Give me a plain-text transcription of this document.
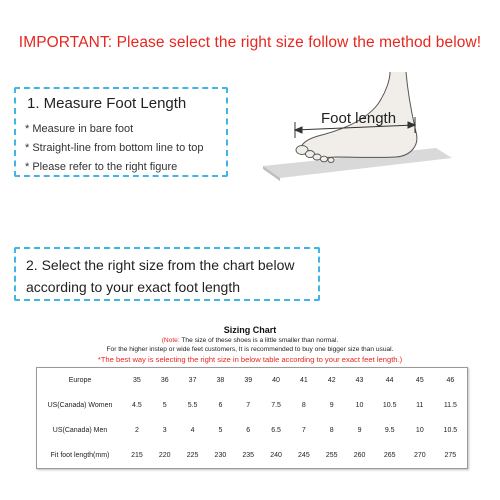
IMPORTANT: Please select the right size follow the method below!
1. Measure Foot Length
* Measure in bare foot
* Straight-line from bottom line to top
* Please refer to the right figure
Foot length
2. Select the right size from the chart below
according to your exact foot length
Sizing Chart
(Note: The size of these shoes is a little smaller than normal.
For the higher instep or wide feet customers, It is recommended to buy one bigger size than usual.
*The best way is selecting the right size in below table according to your exact feet length.)
Europe	35	36	37	38	39	40	41	42	43	44	45	46
US(Canada) Women	4.5	5	5.5	6	7	7.5	8	9	10	10.5	11	11.5
US(Canada) Men	2	3	4	5	6	6.5	7	8	9	9.5	10	10.5
Fit foot length(mm)	215	220	225	230	235	240	245	255	260	265	270	275
